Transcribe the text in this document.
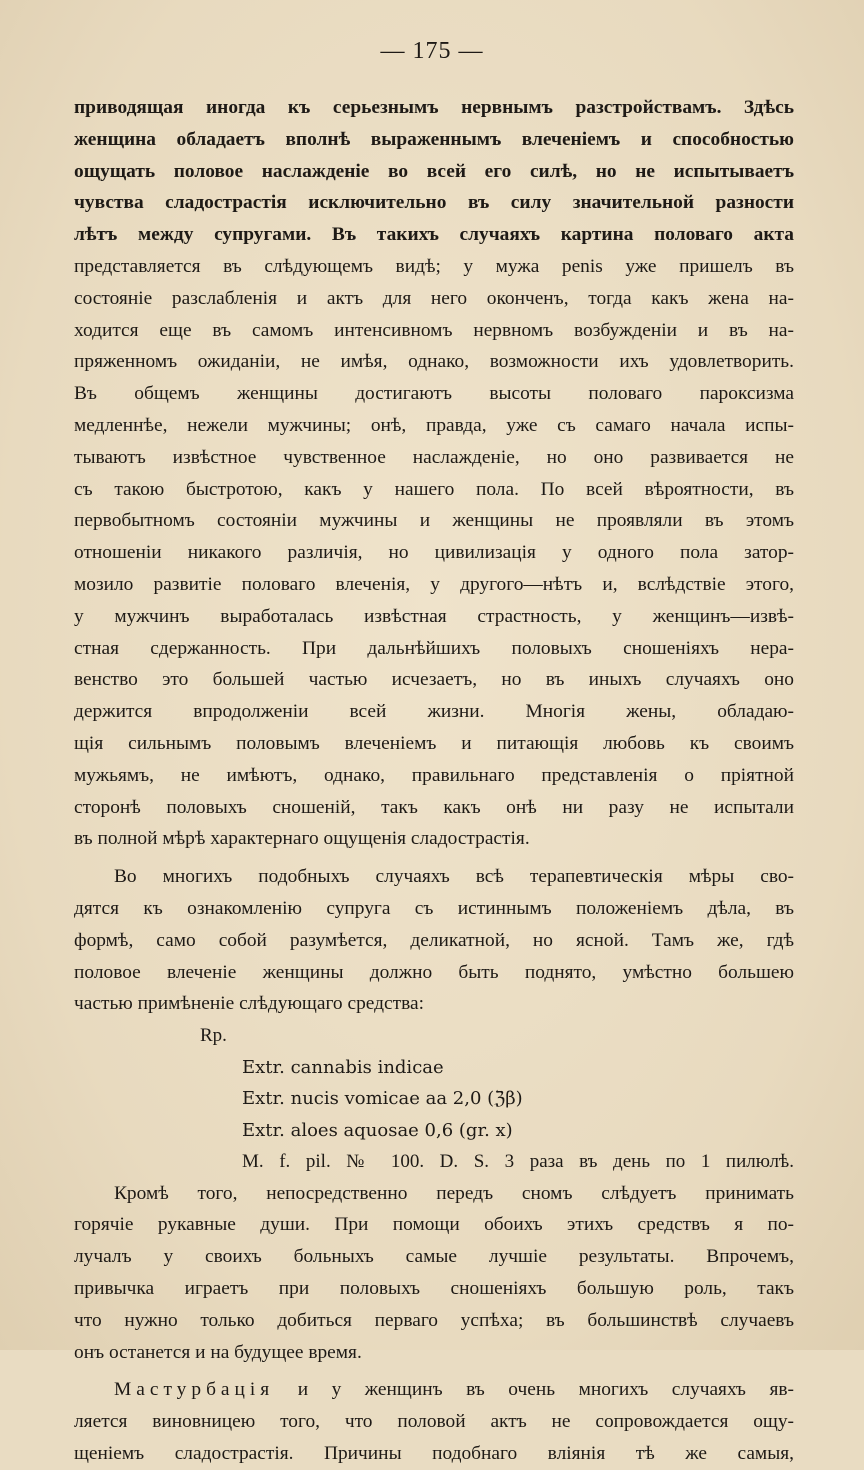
— 175 —
приводящая иногда къ серьезнымъ нервнымъ разстройствамъ. Здѣсь
женщина обладаетъ вполнѣ выраженнымъ влеченіемъ и способностью
ощущать половое наслажденіе во всей его силѣ, но не испытываетъ
чувства сладострастія исключительно въ силу значительной разности
лѣтъ между супругами. Въ такихъ случаяхъ картина половаго акта
представляется въ слѣдующемъ видѣ; у мужа penis уже пришелъ въ
состояніе разслабленія и актъ для него оконченъ, тогда какъ жена на-
ходится еще въ самомъ интенсивномъ нервномъ возбужденіи и въ на-
пряженномъ ожиданіи, не имѣя, однако, возможности ихъ удовлетворить.
Въ общемъ женщины достигаютъ высоты половаго пароксизма
медленнѣе, нежели мужчины; онѣ, правда, уже съ самаго начала испы-
тываютъ извѣстное чувственное наслажденіе, но оно развивается не
съ такою быстротою, какъ у нашего пола. По всей вѣроятности, въ
первобытномъ состояніи мужчины и женщины не проявляли въ этомъ
отношеніи никакого различія, но цивилизація у одного пола затор-
мозило развитіе половаго влеченія, у другого—нѣтъ и, вслѣдствіе этого,
у мужчинъ выработалась извѣстная страстность, у женщинъ—извѣ-
стная сдержанность. При дальнѣйшихъ половыхъ сношеніяхъ нера-
венство это большей частью исчезаетъ, но въ иныхъ случаяхъ оно
держится впродолженіи всей жизни. Многія жены, обладаю-
щія сильнымъ половымъ влеченіемъ и питающія любовь къ своимъ
мужьямъ, не имѣютъ, однако, правильнаго представленія о пріятной
сторонѣ половыхъ сношеній, такъ какъ онѣ ни разу не испытали
въ полной мѣрѣ характернаго ощущенія сладострастія.
Во многихъ подобныхъ случаяхъ всѣ терапевтическія мѣры сво-
дятся къ ознакомленію супруга съ истиннымъ положеніемъ дѣла, въ
формѣ, само собой разумѣется, деликатной, но ясной. Тамъ же, гдѣ
половое влеченіе женщины должно быть поднято, умѣстно большею
частью примѣненіе слѣдующаго средства:
Rp.
Extr. cannabis indicae
Extr. nucis vomicae aa 2,0 (ℨβ)
Extr. aloes aquosae 0,6 (gr. x)
M. f. pil. № 100. D. S. 3 раза въ день по 1 пилюлѣ.
Кромѣ того, непосредственно передъ сномъ слѣдуетъ принимать
горячіе рукавные души. При помощи обоихъ этихъ средствъ я по-
лучалъ у своихъ больныхъ самые лучшіе результаты. Впрочемъ,
привычка играетъ при половыхъ сношеніяхъ большую роль, такъ
что нужно только добиться перваго успѣха; въ большинствѣ случаевъ
онъ останется и на будущее время.
Мастурбація и у женщинъ въ очень многихъ случаяхъ яв-
ляется виновницею того, что половой актъ не сопровождается ощу-
щеніемъ сладострастія. Причины подобнаго вліянія тѣ же самыя,
